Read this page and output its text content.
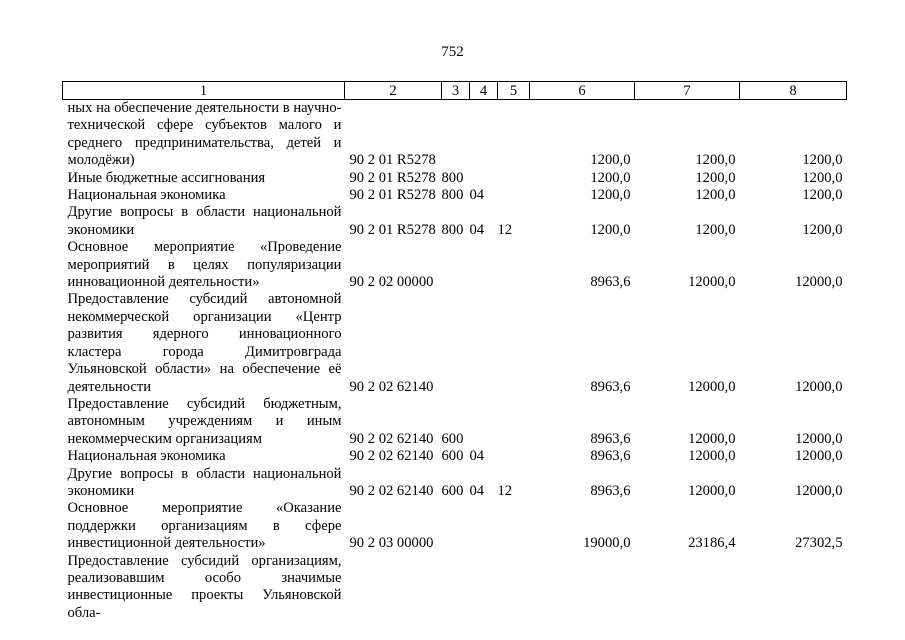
752
1	2	3	4	5	6	7	8
ных на обеспечение деятельности в научно-технической сфере субъектов малого и среднего предпринимательства, детей и молодёжи)	90 2 01 R5278				1200,0	1200,0	1200,0
Иные бюджетные ассигнования	90 2 01 R5278	800			1200,0	1200,0	1200,0
Национальная экономика	90 2 01 R5278	800	04		1200,0	1200,0	1200,0
Другие вопросы в области национальной экономики	90 2 01 R5278	800	04	12	1200,0	1200,0	1200,0
Основное мероприятие «Проведение мероприятий в целях популяризации инновационной деятельности»	90 2 02 00000				8963,6	12000,0	12000,0
Предоставление субсидий автономной некоммерческой организации «Центр развития ядерного инновационного кластера города Димитровграда Ульяновской области» на обеспечение её деятельности	90 2 02 62140				8963,6	12000,0	12000,0
Предоставление субсидий бюджетным, автономным учреждениям и иным некоммерческим организациям	90 2 02 62140	600			8963,6	12000,0	12000,0
Национальная экономика	90 2 02 62140	600	04		8963,6	12000,0	12000,0
Другие вопросы в области национальной экономики	90 2 02 62140	600	04	12	8963,6	12000,0	12000,0
Основное мероприятие «Оказание поддержки организациям в сфере инвестиционной деятельности»	90 2 03 00000				19000,0	23186,4	27302,5
Предоставление субсидий организациям, реализовавшим особо значимые инвестиционные проекты Ульяновской обла-							
